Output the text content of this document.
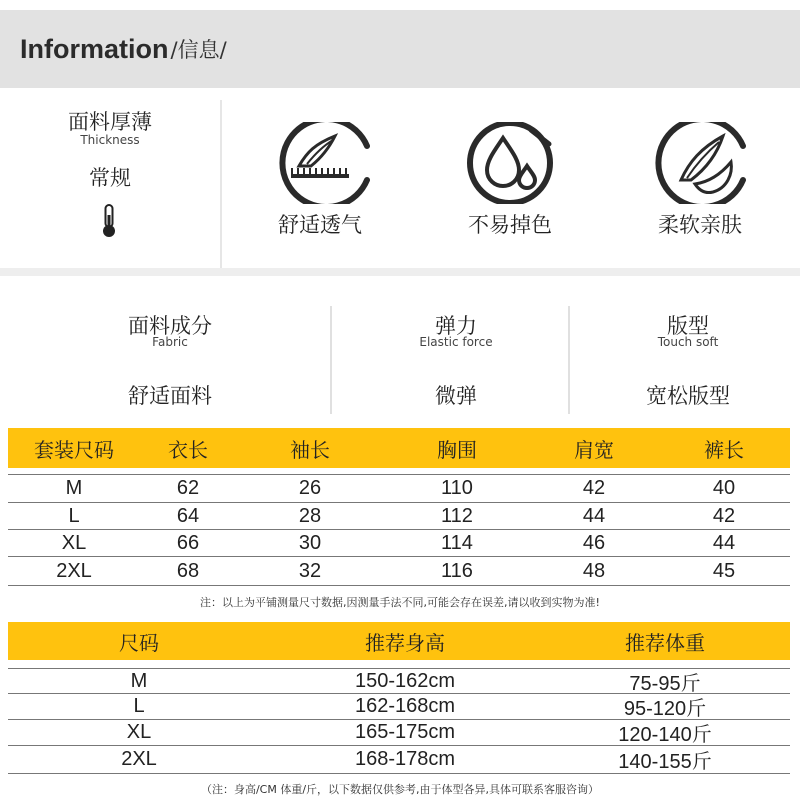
Information /信息/
面料厚薄
Thickness
常规
舒适透气	不易掉色	柔软亲肤
面料成分
Fabric
舒适面料
弹力
Elastic force
微弹
版型
Touch soft
宽松版型
套装尺码	衣长	袖长	胸围	肩宽	裤长
M	62	26	110	42	40
L	64	28	112	44	42
XL	66	30	114	46	44
2XL	68	32	116	48	45
注：以上为平铺测量尺寸数据,因测量手法不同,可能会存在误差,请以收到实物为准!
尺码	推荐身高	推荐体重
M	150-162cm	75-95斤
L	162-168cm	95-120斤
XL	165-175cm	120-140斤
2XL	168-178cm	140-155斤
（注：身高/CM 体重/斤，以下数据仅供参考,由于体型各异,具体可联系客服咨询）
